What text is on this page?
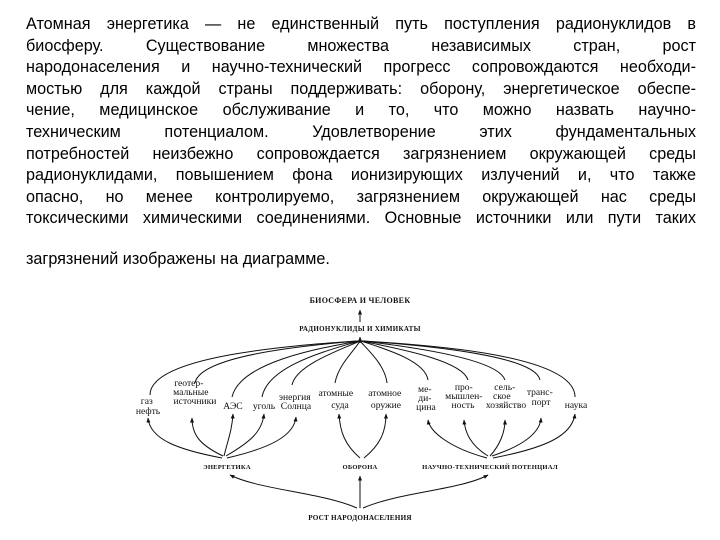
Атомная энергетика — не единственный путь поступления радионуклидов в
биосферу. Существование множества независимых стран, рост
народонаселения и научно-технический прогресс сопровождаются необходи-
мостью для каждой страны поддерживать: оборону, энергетическое обеспе-
чение, медицинское обслуживание и то, что можно назвать научно-
техническим потенциалом. Удовлетворение этих фундаментальных
потребностей неизбежно сопровождается загрязнением окружающей среды
радионуклидами, повышением фона ионизирующих излучений и, что также
опасно, но менее контролируемо, загрязнением окружающей нас среды
токсическими химическими соединениями. Основные источники или пути таких
загрязнений изображены на диаграмме.
БИОСФЕРА И ЧЕЛОВЕК
РАДИОНУКЛИДЫ И ХИМИКАТЫ
газ нефть
геотер- мальные источники АЭС уголь
энергия Солнца
атомные суда
атомное оружие
ме- ди- цина
про- мышлен- ность
сель- ское хозяйство
транс- порт	наука
ЭНЕРГЕТИКА	ОБОРОНА	НАУЧНО-ТЕХНИЧЕСКИЙ ПОТЕНЦИАЛ
РОСТ НАРОДОНАСЕЛЕНИЯ
